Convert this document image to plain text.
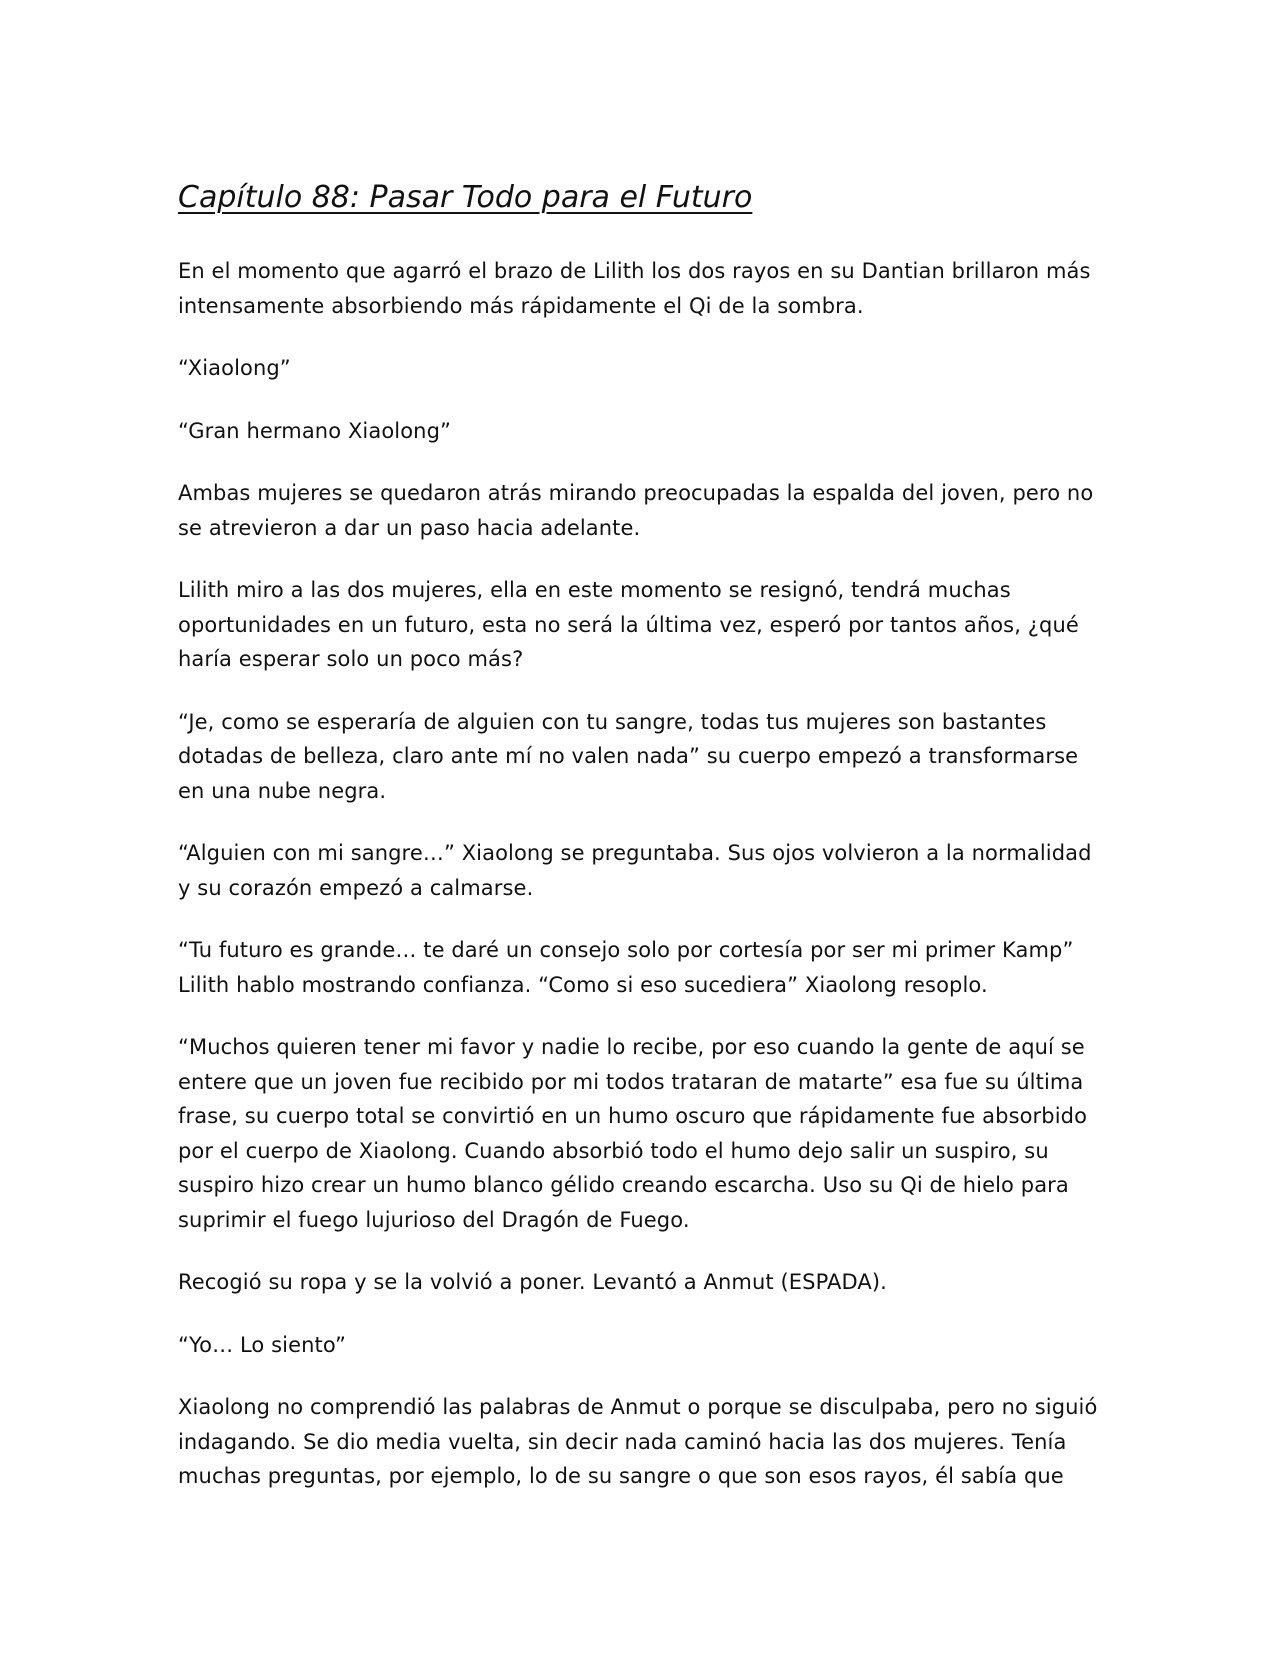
Capítulo 88: Pasar Todo para el Futuro

En el momento que agarró el brazo de Lilith los dos rayos en su Dantian brillaron más intensamente absorbiendo más rápidamente el Qi de la sombra.

“Xiaolong”

“Gran hermano Xiaolong”

Ambas mujeres se quedaron atrás mirando preocupadas la espalda del joven, pero no se atrevieron a dar un paso hacia adelante.

Lilith miro a las dos mujeres, ella en este momento se resignó, tendrá muchas oportunidades en un futuro, esta no será la última vez, esperó por tantos años, ¿qué haría esperar solo un poco más?

“Je, como se esperaría de alguien con tu sangre, todas tus mujeres son bastantes dotadas de belleza, claro ante mí no valen nada” su cuerpo empezó a transformarse en una nube negra.

“Alguien con mi sangre…” Xiaolong se preguntaba. Sus ojos volvieron a la normalidad y su corazón empezó a calmarse.

“Tu futuro es grande… te daré un consejo solo por cortesía por ser mi primer Kamp” Lilith hablo mostrando confianza. “Como si eso sucediera” Xiaolong resoplo.

“Muchos quieren tener mi favor y nadie lo recibe, por eso cuando la gente de aquí se entere que un joven fue recibido por mi todos trataran de matarte” esa fue su última frase, su cuerpo total se convirtió en un humo oscuro que rápidamente fue absorbido por el cuerpo de Xiaolong. Cuando absorbió todo el humo dejo salir un suspiro, su suspiro hizo crear un humo blanco gélido creando escarcha. Uso su Qi de hielo para suprimir el fuego lujurioso del Dragón de Fuego.

Recogió su ropa y se la volvió a poner. Levantó a Anmut (ESPADA).

“Yo… Lo siento”

Xiaolong no comprendió las palabras de Anmut o porque se disculpaba, pero no siguió indagando. Se dio media vuelta, sin decir nada caminó hacia las dos mujeres. Tenía muchas preguntas, por ejemplo, lo de su sangre o que son esos rayos, él sabía que
